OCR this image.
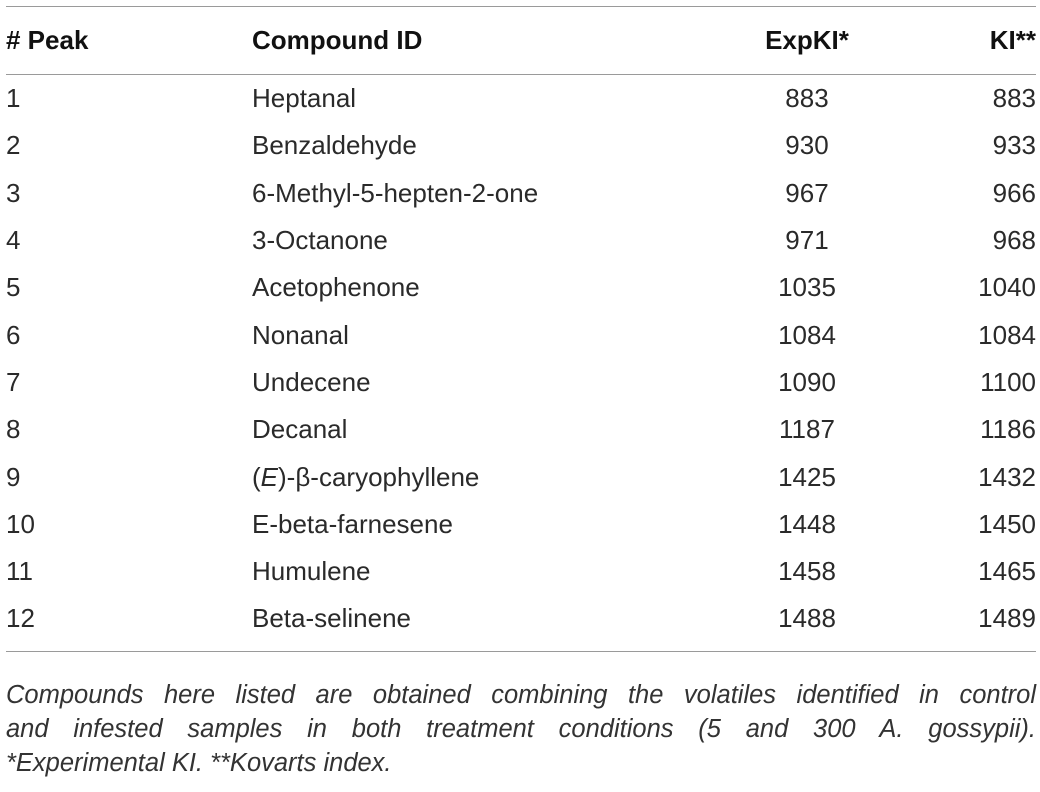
# Peak	Compound ID	ExpKI*	KI**

1	Heptanal	883	883
2	Benzaldehyde	930	933
3	6-Methyl-5-hepten-2-one	967	966
4	3-Octanone	971	968
5	Acetophenone	1035	1040
6	Nonanal	1084	1084
7	Undecene	1090	1100
8	Decanal	1187	1186
9	(E)-β-caryophyllene	1425	1432
10	E-beta-farnesene	1448	1450
11	Humulene	1458	1465
12	Beta-selinene	1488	1489
Compounds here listed are obtained combining the volatiles identified in control
and infested samples in both treatment conditions (5 and 300 A. gossypii).
*Experimental KI. **Kovarts index.
